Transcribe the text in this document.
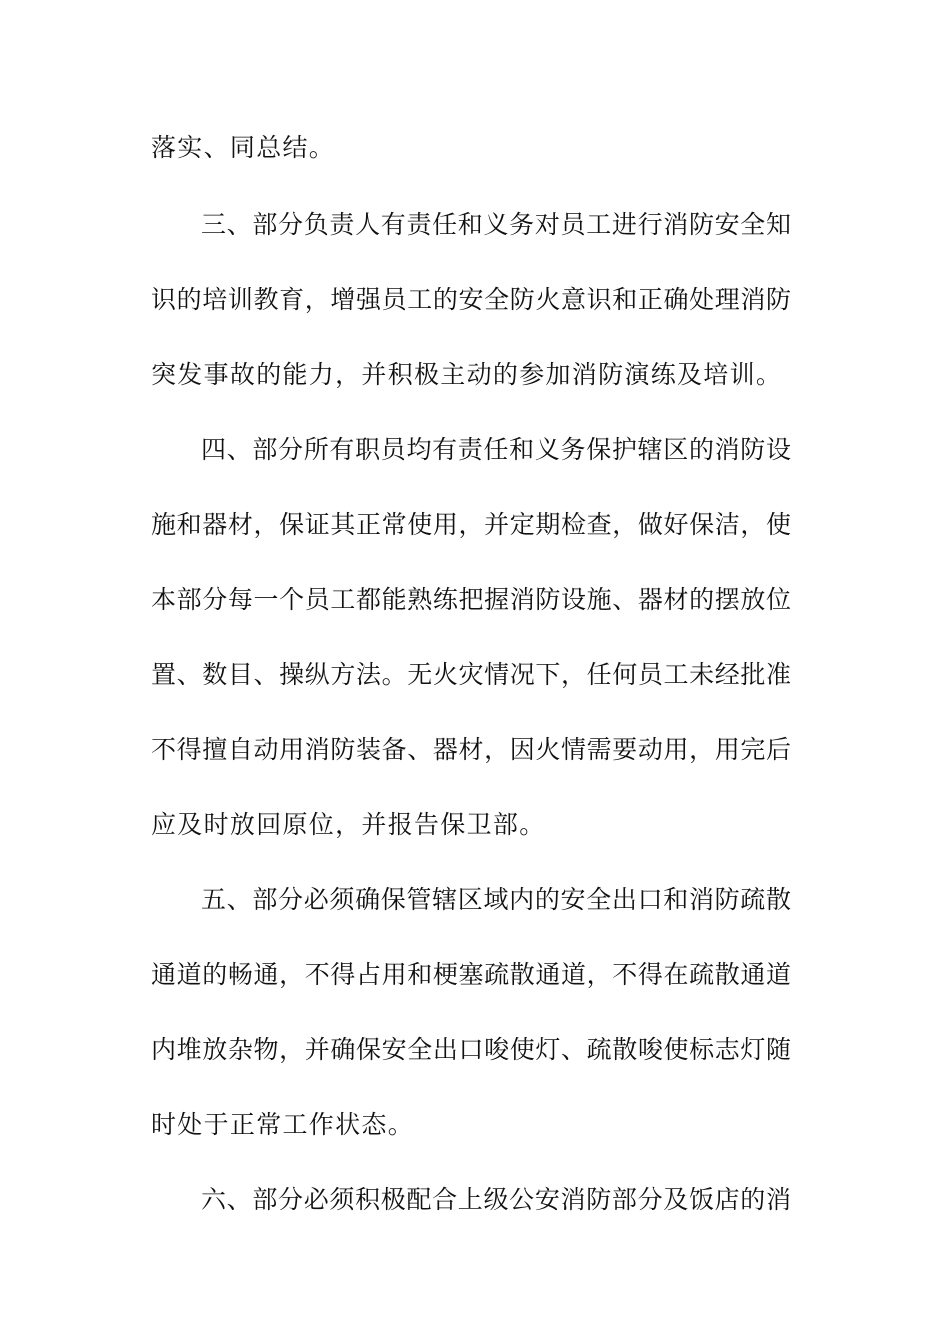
落实、同总结。
三、部分负责人有责任和义务对员工进行消防安全知
识的培训教育，增强员工的安全防火意识和正确处理消防
突发事故的能力，并积极主动的参加消防演练及培训。
四、部分所有职员均有责任和义务保护辖区的消防设
施和器材，保证其正常使用，并定期检查，做好保洁，使
本部分每一个员工都能熟练把握消防设施、器材的摆放位
置、数目、操纵方法。无火灾情况下，任何员工未经批准
不得擅自动用消防装备、器材，因火情需要动用，用完后
应及时放回原位，并报告保卫部。
五、部分必须确保管辖区域内的安全出口和消防疏散
通道的畅通，不得占用和梗塞疏散通道，不得在疏散通道
内堆放杂物，并确保安全出口唆使灯、疏散唆使标志灯随
时处于正常工作状态。
六、部分必须积极配合上级公安消防部分及饭店的消
